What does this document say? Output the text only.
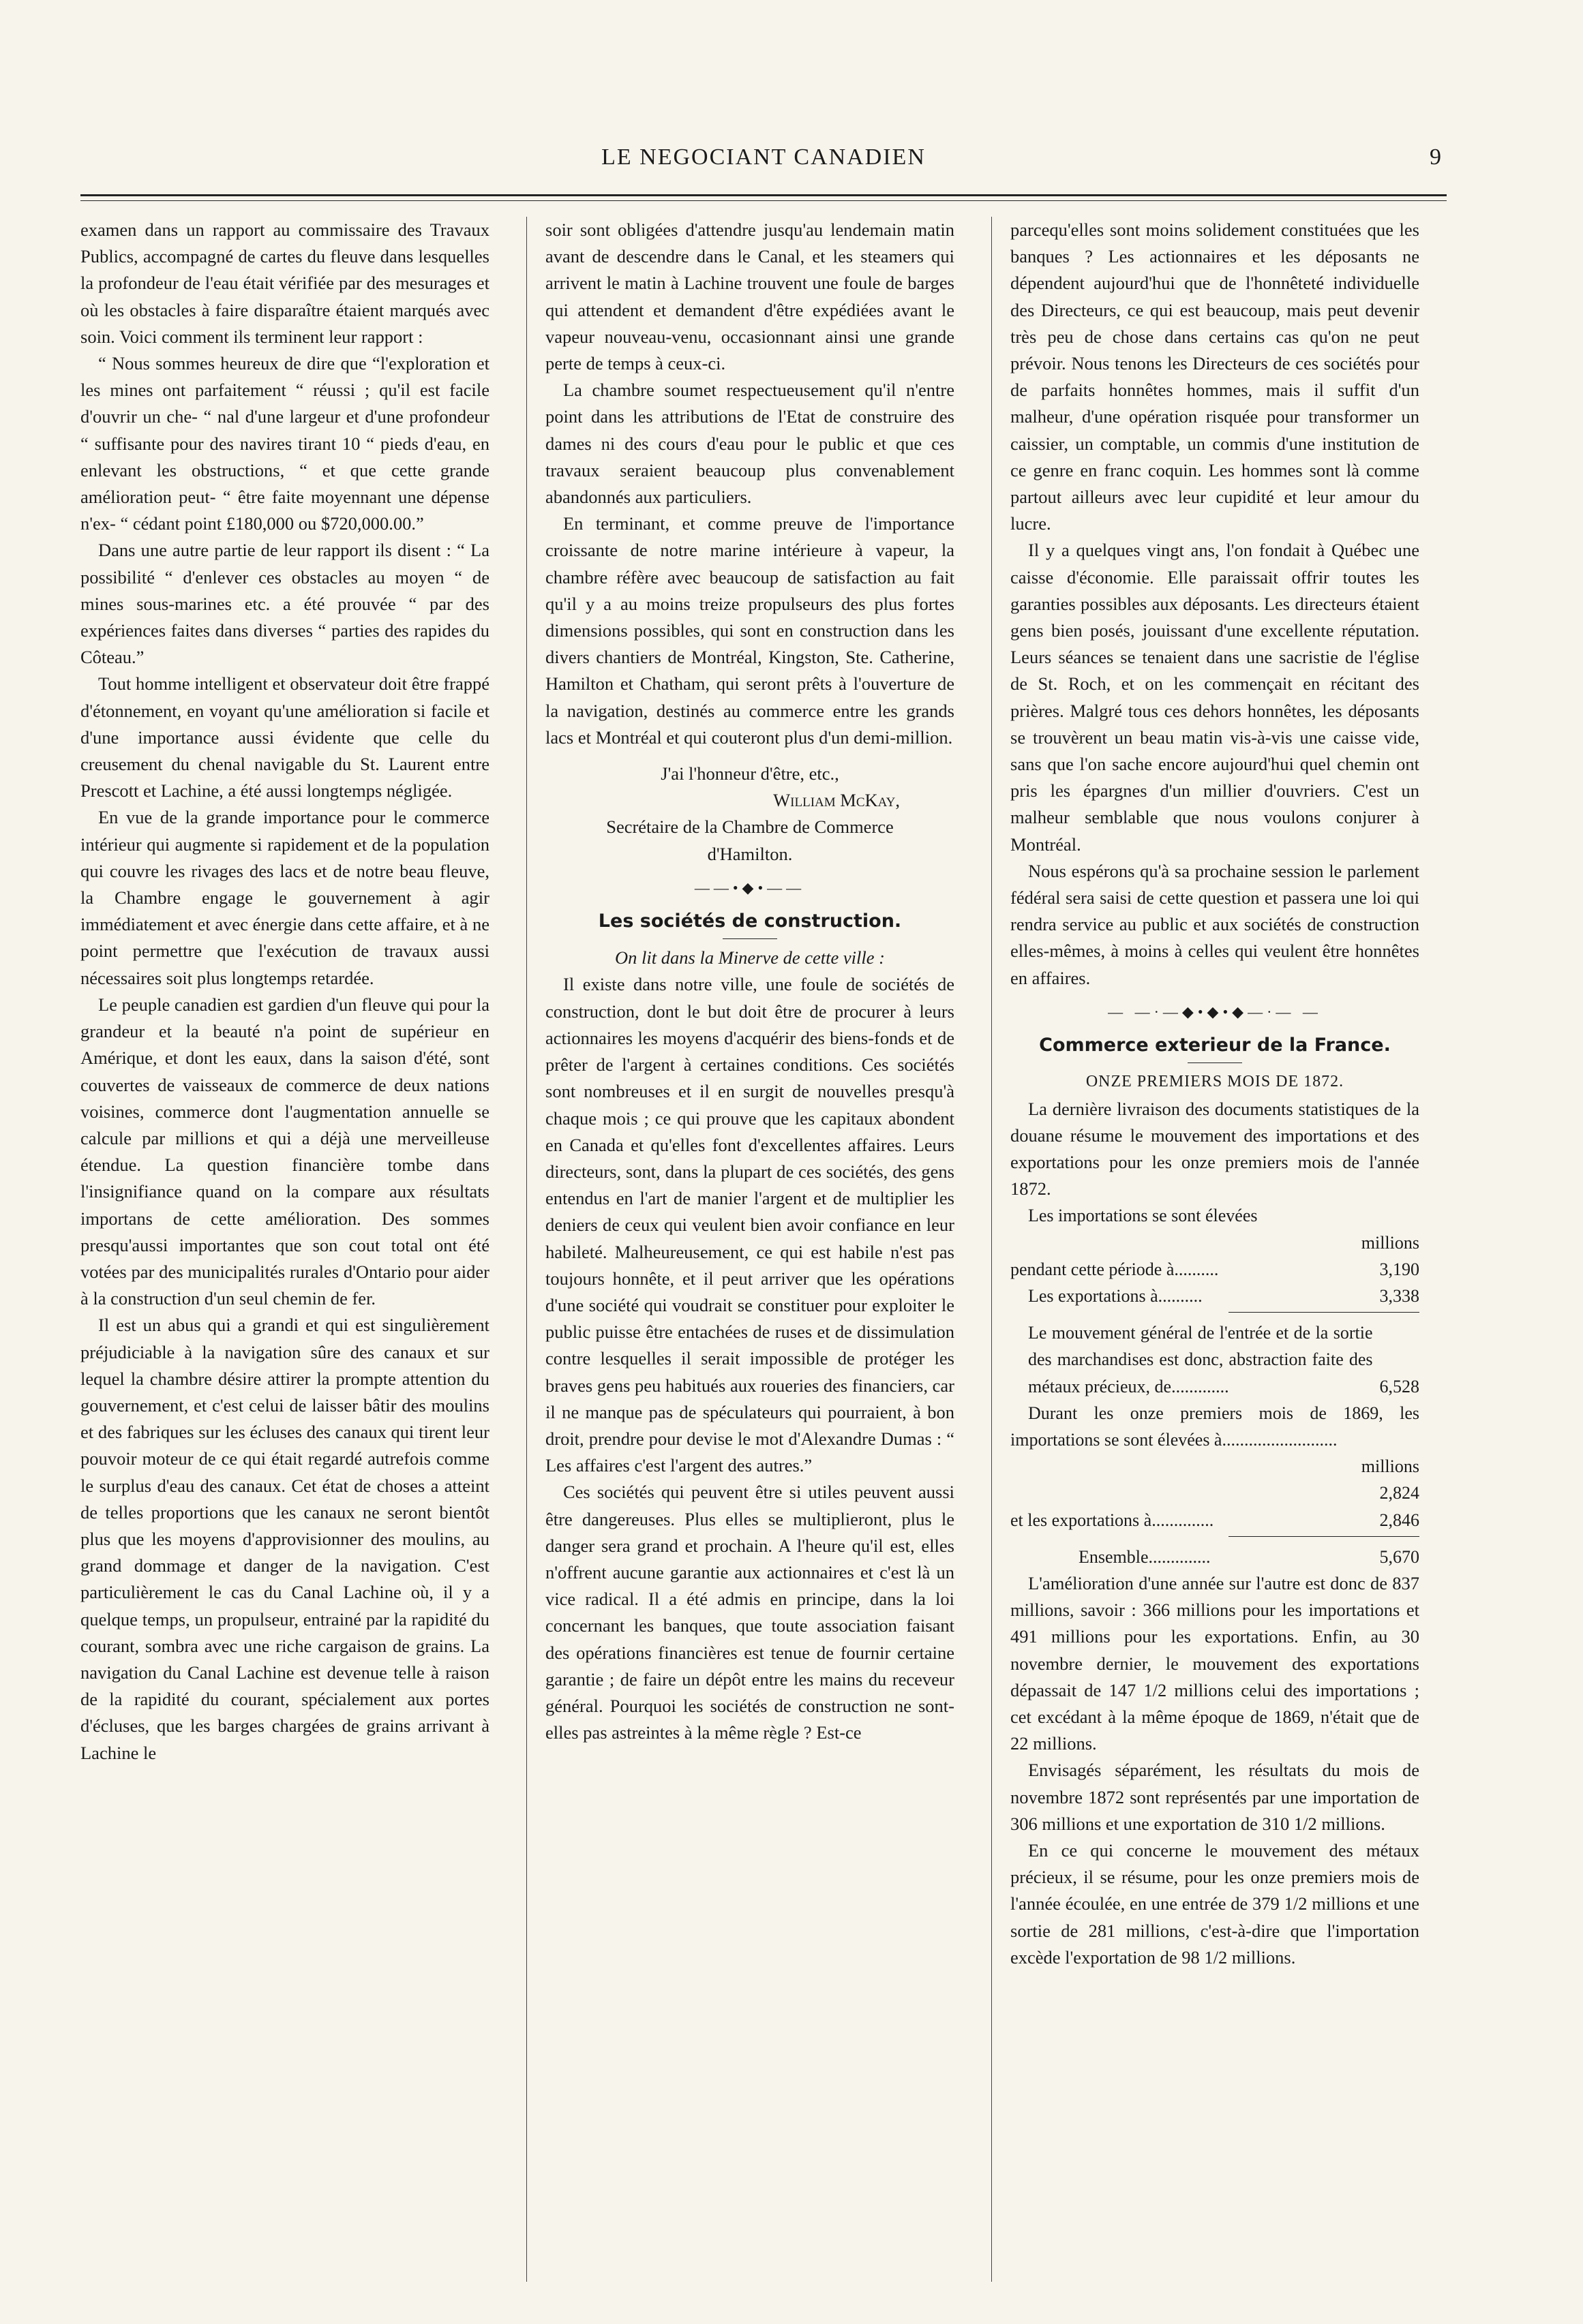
LE NEGOCIANT CANADIEN	9

examen dans un rapport au commissaire des Travaux Publics, accompagné de cartes du fleuve dans lesquelles la profondeur de l'eau était vérifiée par des mesurages et où les obstacles à faire disparaître étaient marqués avec soin. Voici comment ils terminent leur rapport :

“ Nous sommes heureux de dire que “l'exploration et les mines ont parfaitement “ réussi ; qu'il est facile d'ouvrir un che- “ nal d'une largeur et d'une profondeur “ suffisante pour des navires tirant 10 “ pieds d'eau, en enlevant les obstructions, “ et que cette grande amélioration peut- “ être faite moyennant une dépense n'ex- “ cédant point £180,000 ou $720,000.00.”

Dans une autre partie de leur rapport ils disent : “ La possibilité “ d'enlever ces obstacles au moyen “ de mines sous-marines etc. a été prouvée “ par des expériences faites dans diverses “ parties des rapides du Côteau.”

Tout homme intelligent et observateur doit être frappé d'étonnement, en voyant qu'une amélioration si facile et d'une importance aussi évidente que celle du creusement du chenal navigable du St. Laurent entre Prescott et Lachine, a été aussi longtemps négligée.

En vue de la grande importance pour le commerce intérieur qui augmente si rapidement et de la population qui couvre les rivages des lacs et de notre beau fleuve, la Chambre engage le gouvernement à agir immédiatement et avec énergie dans cette affaire, et à ne point permettre que l'exécution de travaux aussi nécessaires soit plus longtemps retardée.

Le peuple canadien est gardien d'un fleuve qui pour la grandeur et la beauté n'a point de supérieur en Amérique, et dont les eaux, dans la saison d'été, sont couvertes de vaisseaux de commerce de deux nations voisines, commerce dont l'augmentation annuelle se calcule par millions et qui a déjà une merveilleuse étendue. La question financière tombe dans l'insignifiance quand on la compare aux résultats importans de cette amélioration. Des sommes presqu'aussi importantes que son cout total ont été votées par des municipalités rurales d'Ontario pour aider à la construction d'un seul chemin de fer.

Il est un abus qui a grandi et qui est singulièrement préjudiciable à la navigation sûre des canaux et sur lequel la chambre désire attirer la prompte attention du gouvernement, et c'est celui de laisser bâtir des moulins et des fabriques sur les écluses des canaux qui tirent leur pouvoir moteur de ce qui était regardé autrefois comme le surplus d'eau des canaux. Cet état de choses a atteint de telles proportions que les canaux ne seront bientôt plus que les moyens d'approvisionner des moulins, au grand dommage et danger de la navigation. C'est particulièrement le cas du Canal Lachine où, il y a quelque temps, un propulseur, entrainé par la rapidité du courant, sombra avec une riche cargaison de grains. La navigation du Canal Lachine est devenue telle à raison de la rapidité du courant, spécialement aux portes d'écluses, que les barges chargées de grains arrivant à Lachine le

soir sont obligées d'attendre jusqu'au lendemain matin avant de descendre dans le Canal, et les steamers qui arrivent le matin à Lachine trouvent une foule de barges qui attendent et demandent d'être expédiées avant le vapeur nouveau-venu, occasionnant ainsi une grande perte de temps à ceux-ci.

La chambre soumet respectueusement qu'il n'entre point dans les attributions de l'Etat de construire des dames ni des cours d'eau pour le public et que ces travaux seraient beaucoup plus convenablement abandonnés aux particuliers.

En terminant, et comme preuve de l'importance croissante de notre marine intérieure à vapeur, la chambre réfère avec beaucoup de satisfaction au fait qu'il y a au moins treize propulseurs des plus fortes dimensions possibles, qui sont en construction dans les divers chantiers de Montréal, Kingston, Ste. Catherine, Hamilton et Chatham, qui seront prêts à l'ouverture de la navigation, destinés au commerce entre les grands lacs et Montréal et qui couteront plus d'un demi-million.

J'ai l'honneur d'être, etc.,

William McKay,

Secrétaire de la Chambre de Commerce

d'Hamilton.

——•◆•——
Les sociétés de construction.

On lit dans la Minerve de cette ville :

Il existe dans notre ville, une foule de sociétés de construction, dont le but doit être de procurer à leurs actionnaires les moyens d'acquérir des biens-fonds et de prêter de l'argent à certaines conditions. Ces sociétés sont nombreuses et il en surgit de nouvelles presqu'à chaque mois ; ce qui prouve que les capitaux abondent en Canada et qu'elles font d'excellentes affaires. Leurs directeurs, sont, dans la plupart de ces sociétés, des gens entendus en l'art de manier l'argent et de multiplier les deniers de ceux qui veulent bien avoir confiance en leur habileté. Malheureusement, ce qui est habile n'est pas toujours honnête, et il peut arriver que les opérations d'une société qui voudrait se constituer pour exploiter le public puisse être entachées de ruses et de dissimulation contre lesquelles il serait impossible de protéger les braves gens peu habitués aux roueries des financiers, car il ne manque pas de spéculateurs qui pourraient, à bon droit, prendre pour devise le mot d'Alexandre Dumas : “ Les affaires c'est l'argent des autres.”

Ces sociétés qui peuvent être si utiles peuvent aussi être dangereuses. Plus elles se multiplieront, plus le danger sera grand et prochain. A l'heure qu'il est, elles n'offrent aucune garantie aux actionnaires et c'est là un vice radical. Il a été admis en principe, dans la loi concernant les banques, que toute association faisant des opérations financières est tenue de fournir certaine garantie ; de faire un dépôt entre les mains du receveur général. Pourquoi les sociétés de construction ne sont-elles pas astreintes à la même règle ? Est-ce

parcequ'elles sont moins solidement constituées que les banques ? Les actionnaires et les déposants ne dépendent aujourd'hui que de l'honnêteté individuelle des Directeurs, ce qui est beaucoup, mais peut devenir très peu de chose dans certains cas qu'on ne peut prévoir. Nous tenons les Directeurs de ces sociétés pour de parfaits honnêtes hommes, mais il suffit d'un malheur, d'une opération risquée pour transformer un caissier, un comptable, un commis d'une institution de ce genre en franc coquin. Les hommes sont là comme partout ailleurs avec leur cupidité et leur amour du lucre.

Il y a quelques vingt ans, l'on fondait à Québec une caisse d'économie. Elle paraissait offrir toutes les garanties possibles aux déposants. Les directeurs étaient gens bien posés, jouissant d'une excellente réputation. Leurs séances se tenaient dans une sacristie de l'église de St. Roch, et on les commençait en récitant des prières. Malgré tous ces dehors honnêtes, les déposants se trouvèrent un beau matin vis-à-vis une caisse vide, sans que l'on sache encore aujourd'hui quel chemin ont pris les épargnes d'un millier d'ouvriers. C'est un malheur semblable que nous voulons conjurer à Montréal.

Nous espérons qu'à sa prochaine session le parlement fédéral sera saisi de cette question et passera une loi qui rendra service au public et aux sociétés de construction elles-mêmes, à moins à celles qui veulent être honnêtes en affaires.

— —·—◆•◆•◆—·— —
Commerce exterieur de la France.

ONZE PREMIERS MOIS DE 1872.

La dernière livraison des documents statistiques de la douane résume le mouvement des importations et des exportations pour les onze premiers mois de l'année 1872.

Les importations se sont élevées

millions
pendant cette période à..........	3,190
Les exportations à..........	3,338
Le mouvement général de l'entrée et de la sortie des marchandises est donc, abstraction faite des métaux précieux, de.............	6,528

Durant les onze premiers mois de 1869, les importations se sont élevées à..........................

millions
2,824
et les exportations à..............	2,846
Ensemble..............	5,670

L'amélioration d'une année sur l'autre est donc de 837 millions, savoir : 366 millions pour les importations et 491 millions pour les exportations. Enfin, au 30 novembre dernier, le mouvement des exportations dépassait de 147 1/2 millions celui des importations ; cet excédant à la même époque de 1869, n'était que de 22 millions.

Envisagés séparément, les résultats du mois de novembre 1872 sont représentés par une importation de 306 millions et une exportation de 310 1/2 millions.

En ce qui concerne le mouvement des métaux précieux, il se résume, pour les onze premiers mois de l'année écoulée, en une entrée de 379 1/2 millions et une sortie de 281 millions, c'est-à-dire que l'importation excède l'exportation de 98 1/2 millions.
